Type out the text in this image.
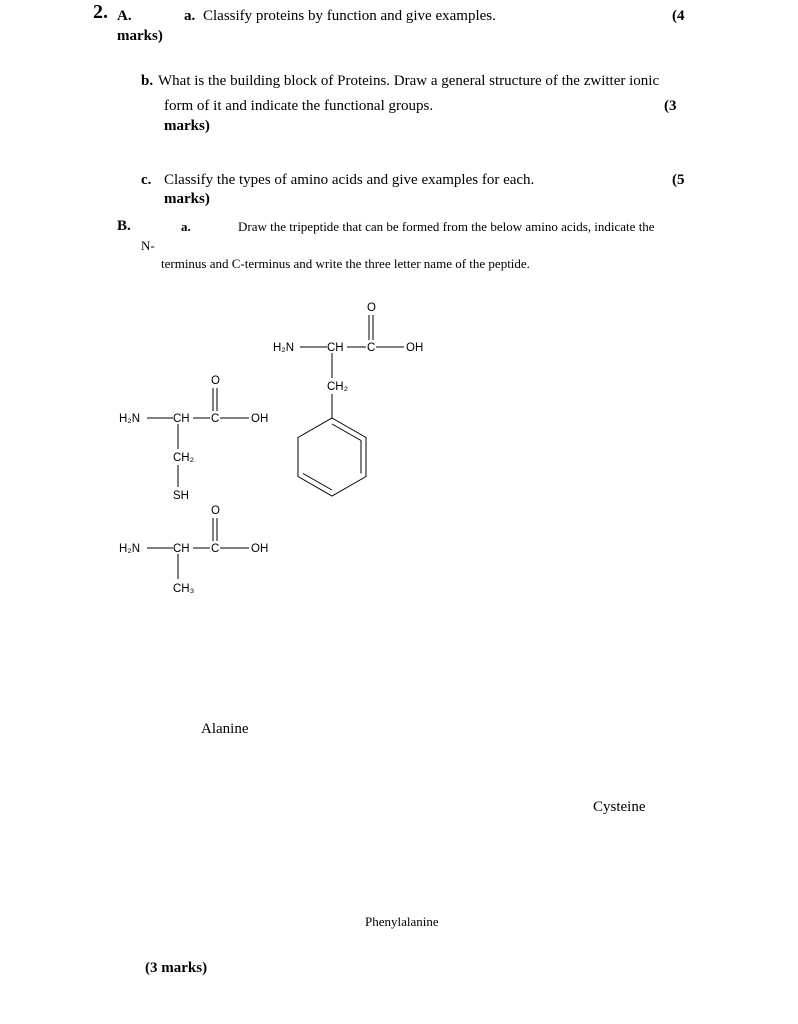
2. A.	a. Classify proteins by function and give examples.	(4
marks)
b. What is the building block of Proteins. Draw a general structure of the zwitter ionic
form of it and indicate the functional groups.	(3
marks)
c. Classify the types of amino acids and give examples for each.	(5
marks)
B.	a.	Draw the tripeptide that can be formed from the below amino acids, indicate the
N-
terminus and C-terminus and write the three letter name of the peptide.
H₂N	CH C	OH
O
CH₂
H₂N	CH C	OH
O
CH₂
SH
H₂N	CH C	OH
O
CH₃
Alanine
Cysteine
Phenylalanine
(3 marks)
